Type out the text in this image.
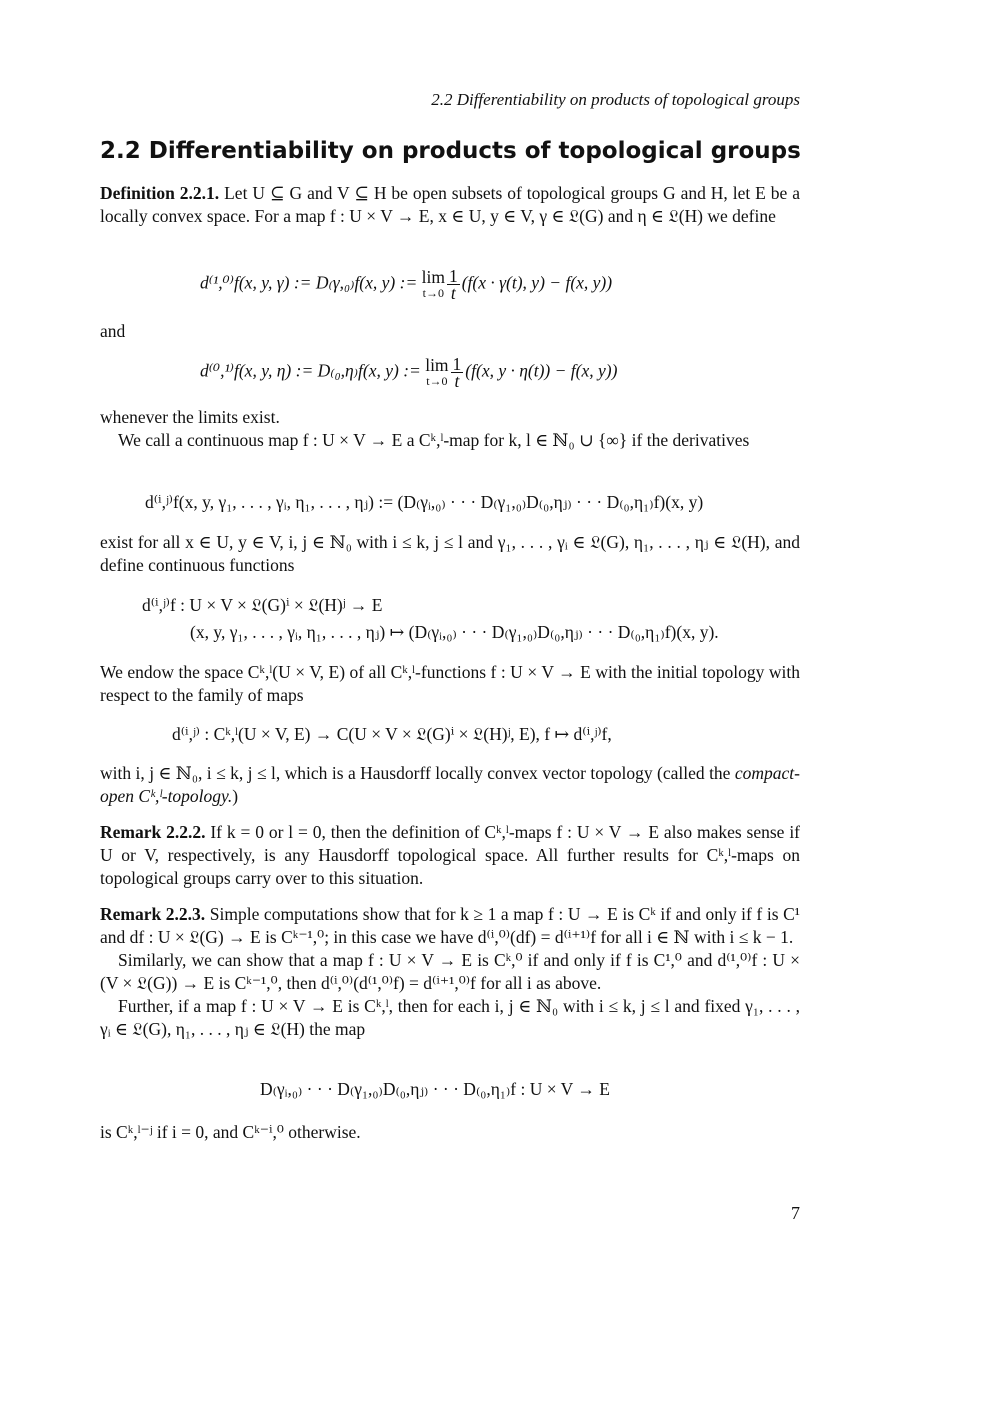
2.2 Differentiability on products of topological groups
2.2 Differentiability on products of topological groups
Definition 2.2.1. Let U ⊆ G and V ⊆ H be open subsets of topological groups G and H, let E be a locally convex space. For a map f : U × V → E, x ∈ U, y ∈ V, γ ∈ 𝔏(G) and η ∈ 𝔏(H) we define
d⁽¹,⁰⁾f(x, y, γ) := D₍γ,₀₎f(x, y) := lim
$t\to 0 \frac{1}{t} (f(x \cdot \gamma(t)$, y) − f(x, y))
and
d⁽⁰,¹⁾f(x, y, η) := D₍₀,η₎f(x, y) := lim
$t\to 0 \frac{1}{t} (f(x$, y · η(t)) − f(x, y))
whenever the limits exist.
We call a continuous map f : U × V → E a Cᵏ,ˡ-map for k, l ∈ ℕ₀ ∪ {∞} if the derivatives
d⁽ⁱ,ʲ⁾f(x, y, γ₁, . . . , γᵢ, η₁, . . . , ηⱼ) := (D₍γᵢ,₀₎ · · · D₍γ₁,₀₎D₍₀,ηⱼ₎ · · · D₍₀,η₁₎f)(x, y)
exist for all x ∈ U, y ∈ V, i, j ∈ ℕ₀ with i ≤ k, j ≤ l and γ₁, . . . , γᵢ ∈ 𝔏(G), η₁, . . . , ηⱼ ∈ 𝔏(H), and define continuous functions
d⁽ⁱ,ʲ⁾f : U × V × 𝔏(G)ⁱ × 𝔏(H)ʲ → E
(x, y, γ₁, . . . , γᵢ, η₁, . . . , ηⱼ) ↦ (D₍γᵢ,₀₎ · · · D₍γ₁,₀₎D₍₀,ηⱼ₎ · · · D₍₀,η₁₎f)(x, y).
We endow the space Cᵏ,ˡ(U × V, E) of all Cᵏ,ˡ-functions f : U × V → E with the initial topology with respect to the family of maps
d⁽ⁱ,ʲ⁾ : Cᵏ,ˡ(U × V, E) → C(U × V × 𝔏(G)ⁱ × 𝔏(H)ʲ, E), f ↦ d⁽ⁱ,ʲ⁾f,
with i, j ∈ ℕ₀, i ≤ k, j ≤ l, which is a Hausdorff locally convex vector topology (called the compact-open Cᵏ,ˡ-topology.)
Remark 2.2.2. If k = 0 or l = 0, then the definition of Cᵏ,ˡ-maps f : U × V → E also makes sense if U or V, respectively, is any Hausdorff topological space. All further results for Cᵏ,ˡ-maps on topological groups carry over to this situation.
Remark 2.2.3. Simple computations show that for k ≥ 1 a map f : U → E is Cᵏ if and only if f is C¹ and df : U × 𝔏(G) → E is Cᵏ⁻¹,⁰; in this case we have d⁽ⁱ,⁰⁾(df) = d⁽ⁱ⁺¹⁾f for all i ∈ ℕ with i ≤ k − 1.
Similarly, we can show that a map f : U × V → E is Cᵏ,⁰ if and only if f is C¹,⁰ and d⁽¹,⁰⁾f : U × (V × 𝔏(G)) → E is Cᵏ⁻¹,⁰, then d⁽ⁱ,⁰⁾(d⁽¹,⁰⁾f) = d⁽ⁱ⁺¹,⁰⁾f for all i as above.
Further, if a map f : U × V → E is Cᵏ,ˡ, then for each i, j ∈ ℕ₀ with i ≤ k, j ≤ l and fixed γ₁, . . . , γᵢ ∈ 𝔏(G), η₁, . . . , ηⱼ ∈ 𝔏(H) the map
D₍γᵢ,₀₎ · · · D₍γ₁,₀₎D₍₀,ηⱼ₎ · · · D₍₀,η₁₎f : U × V → E
is Cᵏ,ˡ⁻ʲ if i = 0, and Cᵏ⁻ⁱ,⁰ otherwise.
7
